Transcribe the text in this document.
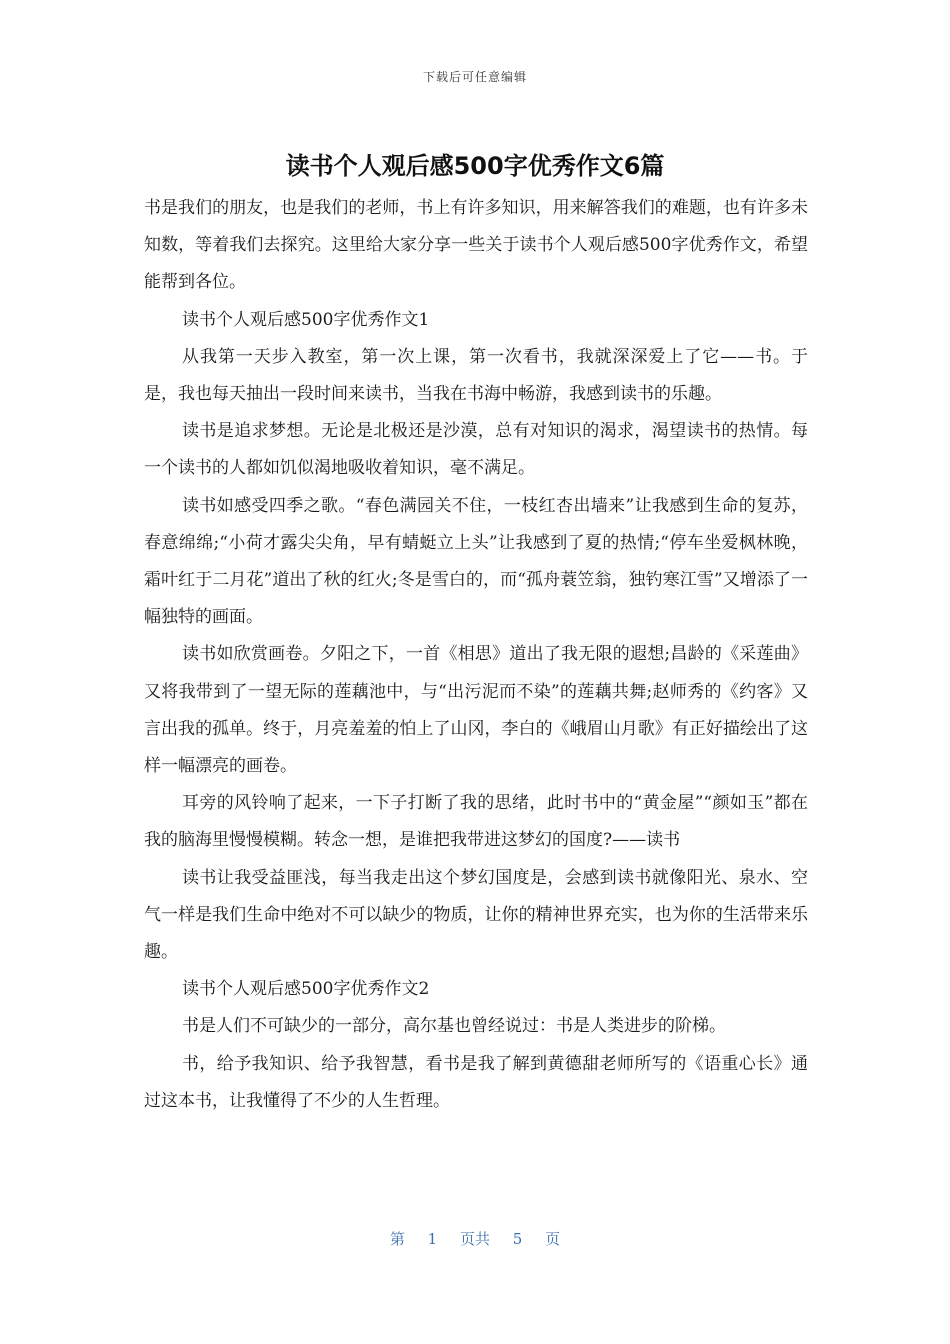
下载后可任意编辑
读书个人观后感500字优秀作文6篇

书是我们的朋友，也是我们的老师，书上有许多知识，用来解答我们的难题，也有许多未知数，等着我们去探究。这里给大家分享一些关于读书个人观后感500字优秀作文，希望能帮到各位。

读书个人观后感500字优秀作文1

从我第一天步入教室，第一次上课，第一次看书，我就深深爱上了它——书。于是，我也每天抽出一段时间来读书，当我在书海中畅游，我感到读书的乐趣。

读书是追求梦想。无论是北极还是沙漠，总有对知识的渴求，渴望读书的热情。每一个读书的人都如饥似渴地吸收着知识，毫不满足。

读书如感受四季之歌。“春色满园关不住，一枝红杏出墙来”让我感到生命的复苏，春意绵绵;“小荷才露尖尖角，早有蜻蜓立上头”让我感到了夏的热情;“停车坐爱枫林晚，霜叶红于二月花”道出了秋的红火;冬是雪白的，而“孤舟蓑笠翁，独钓寒江雪”又增添了一幅独特的画面。

读书如欣赏画卷。夕阳之下，一首《相思》道出了我无限的遐想;昌龄的《采莲曲》又将我带到了一望无际的莲藕池中，与“出污泥而不染”的莲藕共舞;赵师秀的《约客》又言出我的孤单。终于，月亮羞羞的怕上了山冈，李白的《峨眉山月歌》有正好描绘出了这样一幅漂亮的画卷。

耳旁的风铃响了起来，一下子打断了我的思绪，此时书中的“黄金屋”“颜如玉”都在我的脑海里慢慢模糊。转念一想，是谁把我带进这梦幻的国度?——读书

读书让我受益匪浅，每当我走出这个梦幻国度是，会感到读书就像阳光、泉水、空气一样是我们生命中绝对不可以缺少的物质，让你的精神世界充实，也为你的生活带来乐趣。

读书个人观后感500字优秀作文2

书是人们不可缺少的一部分，高尔基也曾经说过：书是人类进步的阶梯。

书，给予我知识、给予我智慧，看书是我了解到黄德甜老师所写的《语重心长》通过这本书，让我懂得了不少的人生哲理。

第 1 页共 5 页
